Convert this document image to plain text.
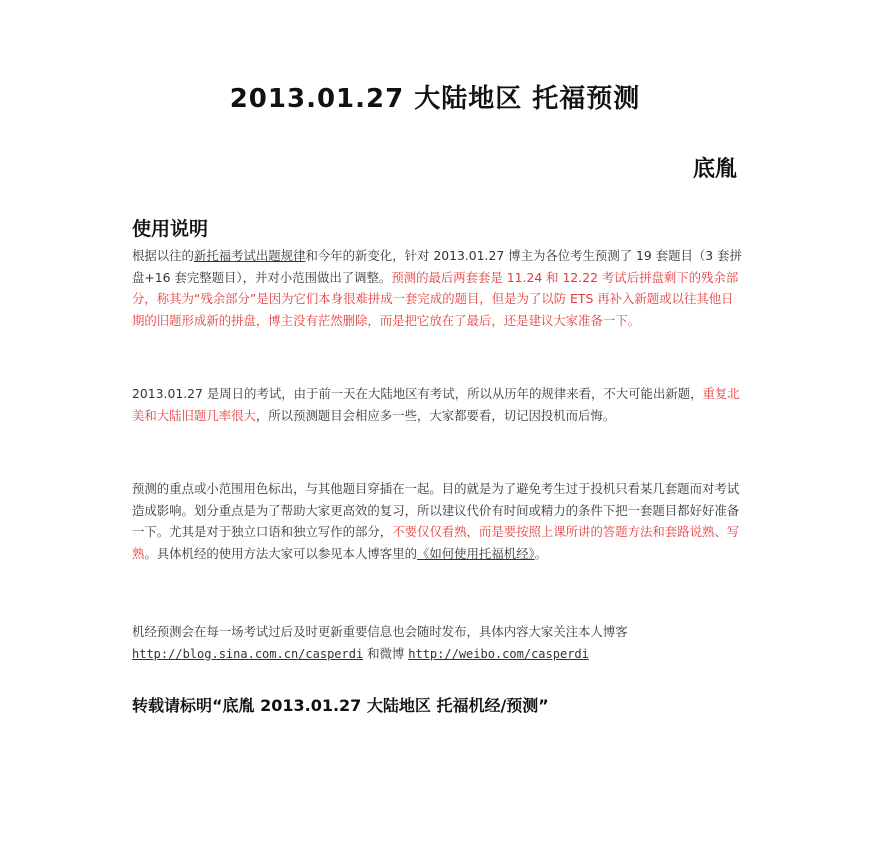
2013.01.27 大陆地区 托福预测
底胤
使用说明
根据以往的新托福考试出题规律和今年的新变化，针对 2013.01.27 博主为各位考生预测了 19 套题目（3 套拼盘+16 套完整题目），并对小范围做出了调整。预测的最后两套套是 11.24 和 12.22 考试后拼盘剩下的残余部分，称其为“残余部分”是因为它们本身很难拼成一套完成的题目，但是为了以防 ETS 再补入新题或以往其他日期的旧题形成新的拼盘，博主没有茫然删除，而是把它放在了最后，还是建议大家准备一下。
2013.01.27 是周日的考试，由于前一天在大陆地区有考试，所以从历年的规律来看，不大可能出新题，重复北美和大陆旧题几率很大，所以预测题目会相应多一些，大家都要看，切记因投机而后悔。
预测的重点或小范围用色标出，与其他题目穿插在一起。目的就是为了避免考生过于投机只看某几套题而对考试造成影响。划分重点是为了帮助大家更高效的复习，所以建议代价有时间或精力的条件下把一套题目都好好准备一下。尤其是对于独立口语和独立写作的部分，不要仅仅看熟，而是要按照上课所讲的答题方法和套路说熟、写熟。具体机经的使用方法大家可以参见本人博客里的《如何使用托福机经》。
机经预测会在每一场考试过后及时更新重要信息也会随时发布，具体内容大家关注本人博客http://blog.sina.com.cn/casperdi 和微博 http://weibo.com/casperdi
转载请标明“底胤 2013.01.27 大陆地区 托福机经/预测”
